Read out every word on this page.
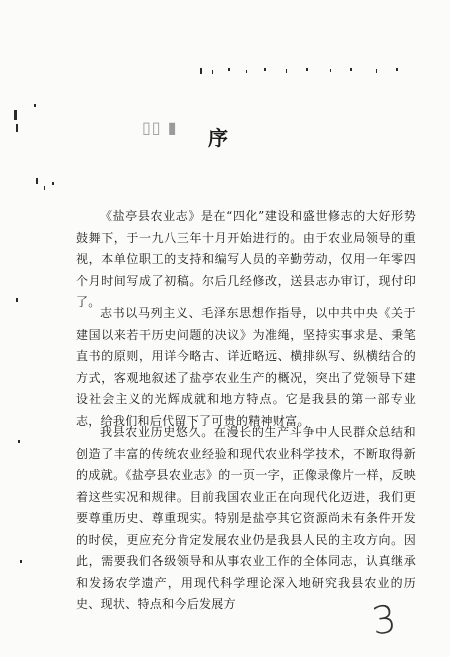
▯▯ ▮ 序

《盐亭县农业志》是在“四化”建设和盛世修志的大好形势鼓舞下，于一九八三年十月开始进行的。由于农业局领导的重视，本单位职工的支持和编写人员的辛勤劳动，仅用一年零四个月时间写成了初稿。尔后几经修改，送县志办审订，现付印了。

志书以马列主义、毛泽东思想作指导，以中共中央《关于建国以来若干历史问题的决议》为准绳，坚持实事求是、秉笔直书的原则，用详今略古、详近略远、横排纵写、纵横结合的方式，客观地叙述了盐亭农业生产的概况，突出了党领导下建设社会主义的光辉成就和地方特点。它是我县的第一部专业志，给我们和后代留下了可贵的精神财富。

我县农业历史悠久。在漫长的生产斗争中人民群众总结和创造了丰富的传统农业经验和现代农业科学技术，不断取得新的成就。《盐亭县农业志》的一页一字，正像录像片一样，反映着这些实况和规律。目前我国农业正在向现代化迈进，我们更要尊重历史、尊重现实。特别是盐亭其它资源尚未有条件开发的时侯，更应充分肯定发展农业仍是我县人民的主攻方向。因此，需要我们各级领导和从事农业工作的全体同志，认真继承和发扬农学遗产，用现代科学理论深入地研究我县农业的历史、现状、特点和今后发展方	3
